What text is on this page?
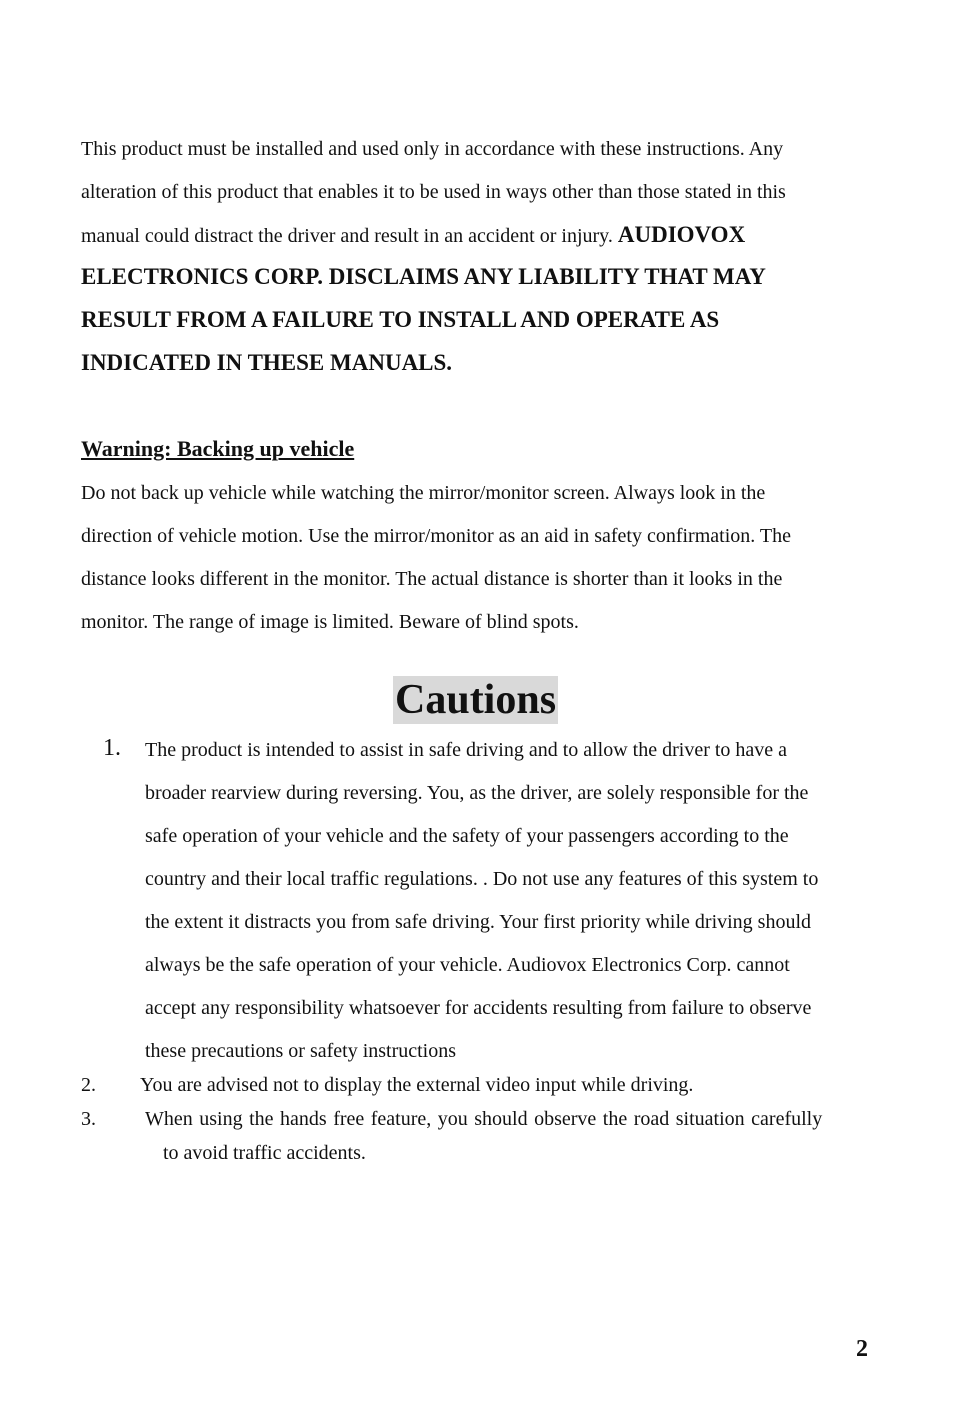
This product must be installed and used only in accordance with these instructions. Any
alteration of this product that enables it to be used in ways other than those stated in this
manual could distract the driver and result in an accident or injury. AUDIOVOX
ELECTRONICS CORP. DISCLAIMS ANY LIABILITY THAT MAY
RESULT FROM A FAILURE TO INSTALL AND OPERATE AS
INDICATED IN THESE MANUALS.
Warning: Backing up vehicle
Do not back up vehicle while watching the mirror/monitor screen. Always look in the
direction of vehicle motion. Use the mirror/monitor as an aid in safety confirmation. The
distance looks different in the monitor. The actual distance is shorter than it looks in the
monitor. The range of image is limited. Beware of blind spots.
Cautions
1. The product is intended to assist in safe driving and to allow the driver to have a
broader rearview during reversing. You, as the driver, are solely responsible for the
safe operation of your vehicle and the safety of your passengers according to the
country and their local traffic regulations. . Do not use any features of this system to
the extent it distracts you from safe driving. Your first priority while driving should
always be the safe operation of your vehicle. Audiovox Electronics Corp. cannot
accept any responsibility whatsoever for accidents resulting from failure to observe
these precautions or safety instructions
2. You are advised not to display the external video input while driving.
3. When using the hands free feature, you should observe the road situation carefully
to avoid traffic accidents.
2
